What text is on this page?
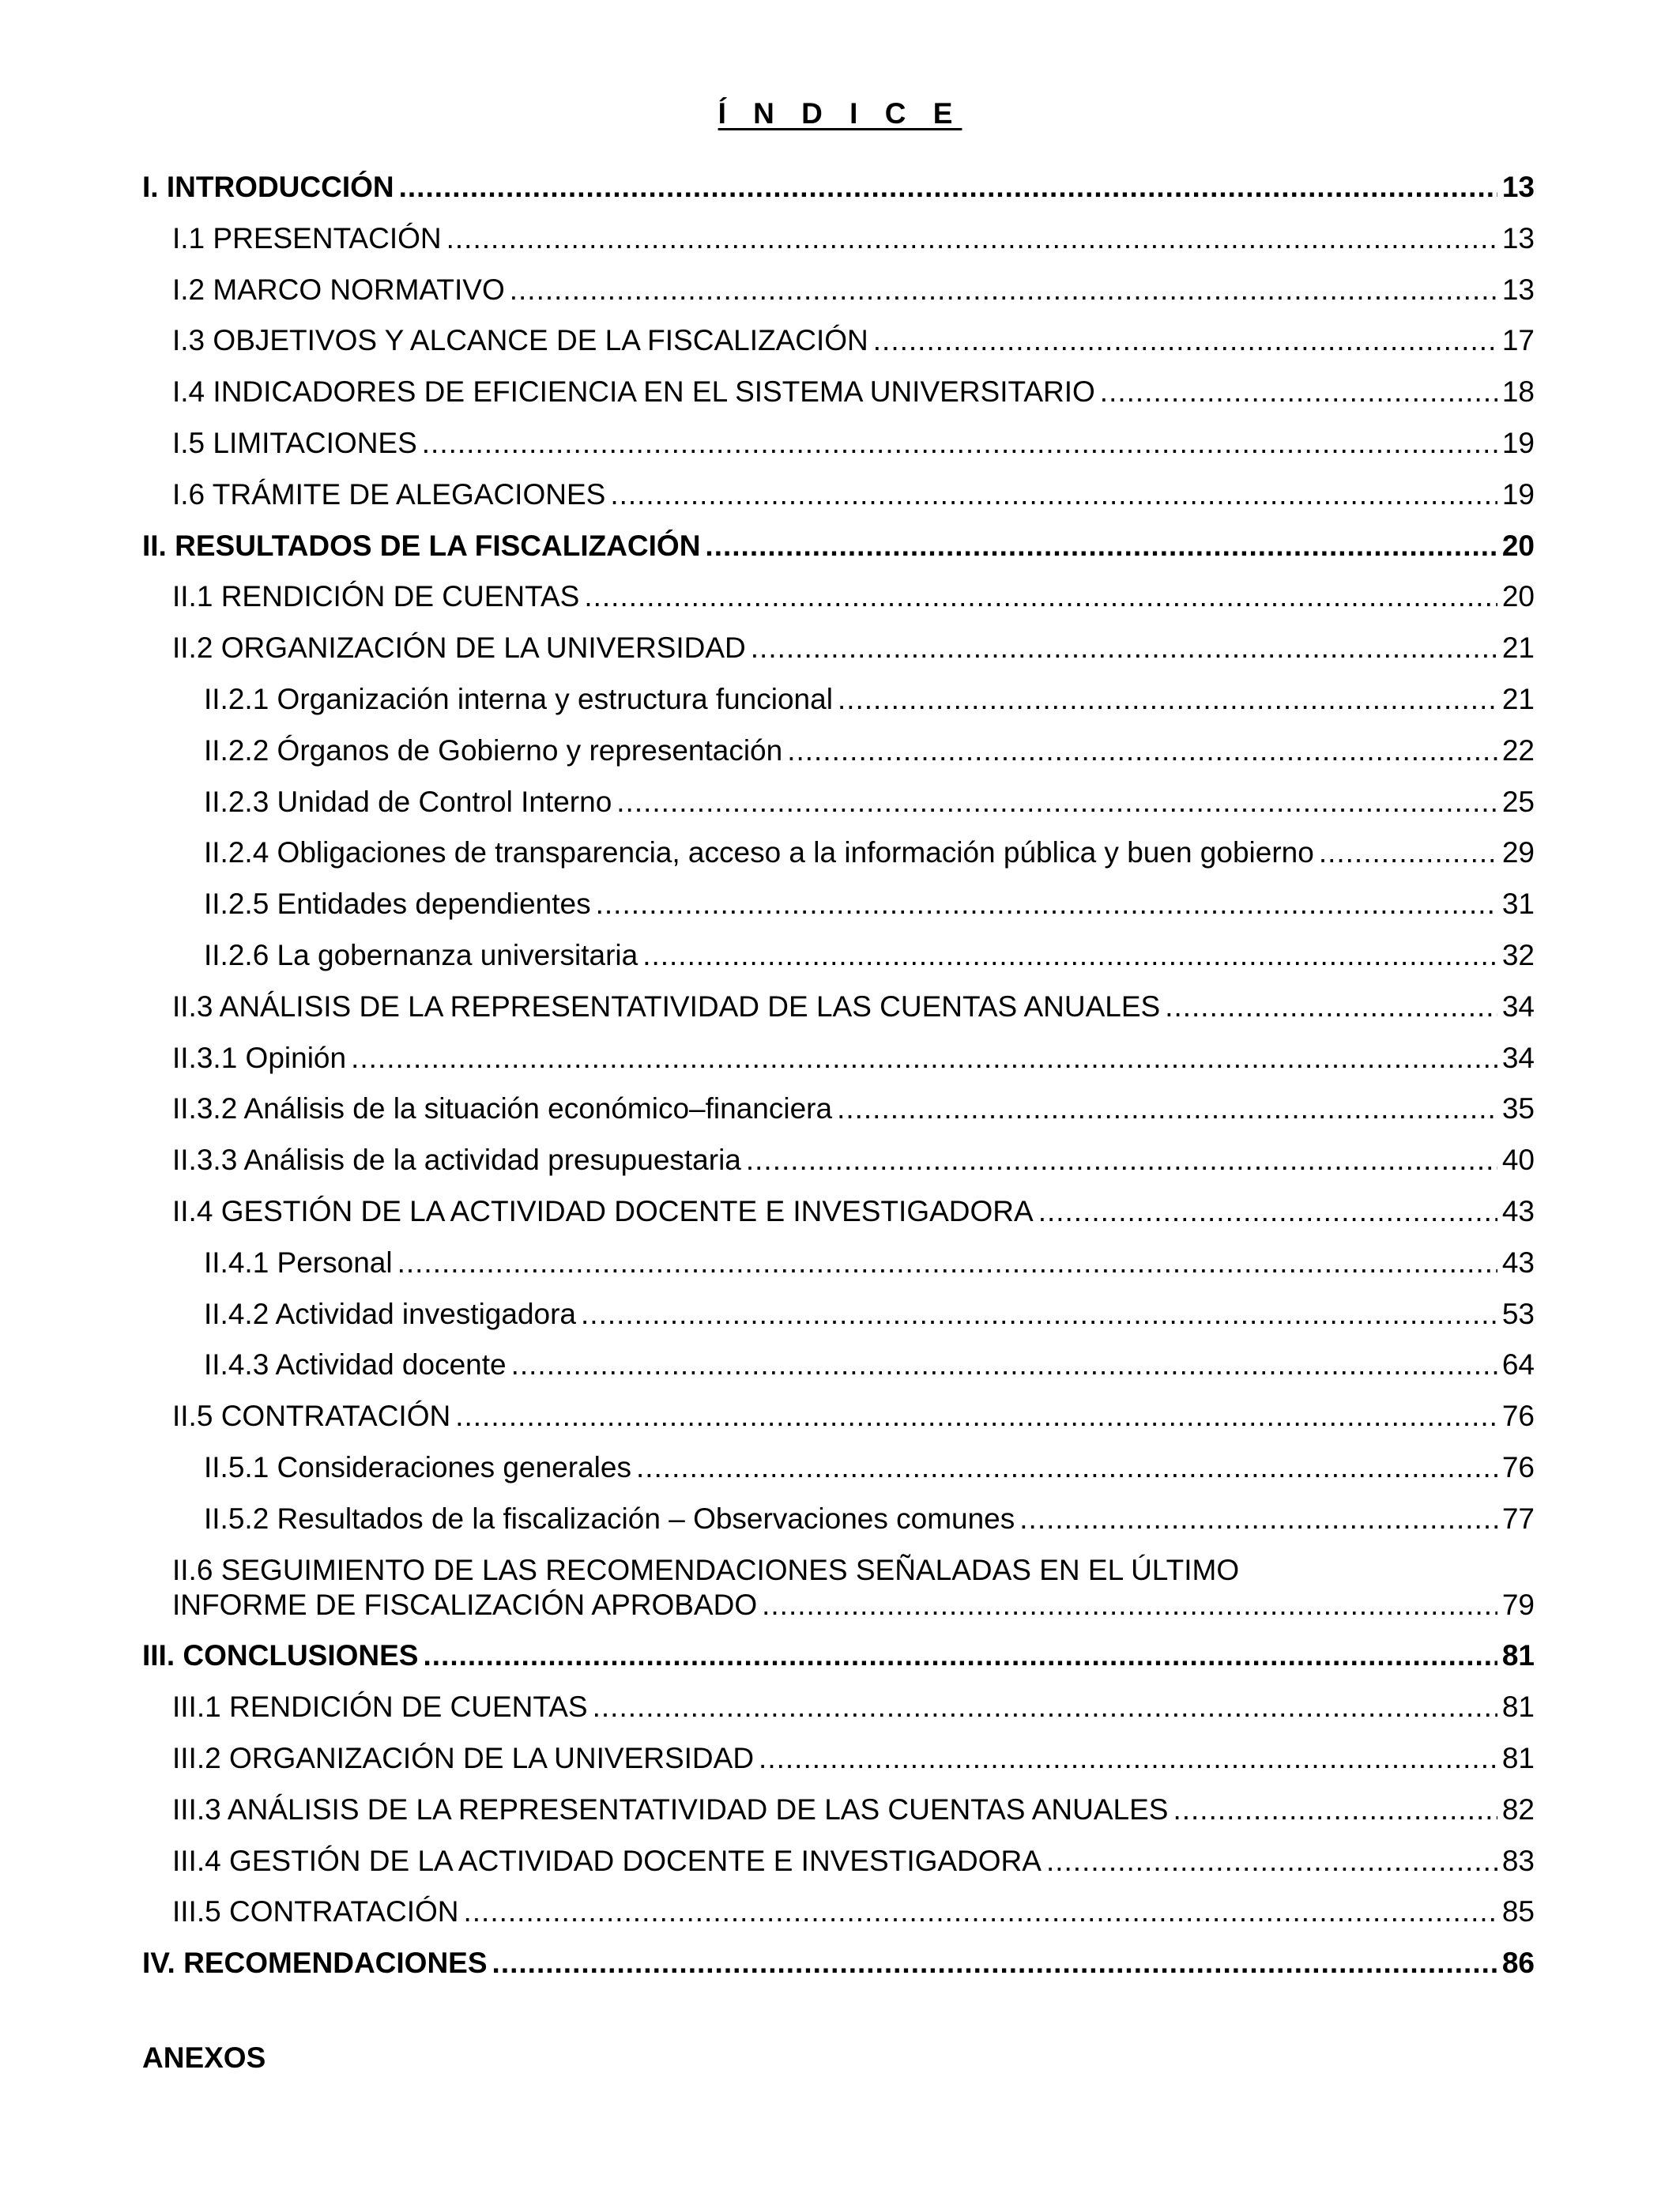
Í N D I C E
I. INTRODUCCIÓN .....	13
I.1 PRESENTACIÓN .....	13
I.2 MARCO NORMATIVO .....	13
I.3 OBJETIVOS Y ALCANCE DE LA FISCALIZACIÓN .....	17
I.4 INDICADORES DE EFICIENCIA EN EL SISTEMA UNIVERSITARIO .....	18
I.5 LIMITACIONES .....	19
I.6 TRÁMITE DE ALEGACIONES .....	19
II. RESULTADOS DE LA FISCALIZACIÓN .....	20
II.1 RENDICIÓN DE CUENTAS .....	20
II.2 ORGANIZACIÓN DE LA UNIVERSIDAD .....	21
II.2.1 Organización interna y estructura funcional .....	21
II.2.2 Órganos de Gobierno y representación .....	22
II.2.3 Unidad de Control Interno .....	25
II.2.4 Obligaciones de transparencia, acceso a la información pública y buen gobierno .....	29
II.2.5 Entidades dependientes .....	31
II.2.6 La gobernanza universitaria .....	32
II.3 ANÁLISIS DE LA REPRESENTATIVIDAD DE LAS CUENTAS ANUALES .....	34
II.3.1 Opinión .....	34
II.3.2 Análisis de la situación económico–financiera .....	35
II.3.3 Análisis de la actividad presupuestaria .....	40
II.4 GESTIÓN DE LA ACTIVIDAD DOCENTE E INVESTIGADORA .....	43
II.4.1 Personal .....	43
II.4.2 Actividad investigadora .....	53
II.4.3 Actividad docente .....	64
II.5 CONTRATACIÓN .....	76
II.5.1 Consideraciones generales .....	76
II.5.2 Resultados de la fiscalización – Observaciones comunes .....	77
II.6 SEGUIMIENTO DE LAS RECOMENDACIONES SEÑALADAS EN EL ÚLTIMO
INFORME DE FISCALIZACIÓN APROBADO .....	79
III. CONCLUSIONES .....	81
III.1 RENDICIÓN DE CUENTAS .....	81
III.2 ORGANIZACIÓN DE LA UNIVERSIDAD .....	81
III.3 ANÁLISIS DE LA REPRESENTATIVIDAD DE LAS CUENTAS ANUALES .....	82
III.4 GESTIÓN DE LA ACTIVIDAD DOCENTE E INVESTIGADORA .....	83
III.5 CONTRATACIÓN .....	85
IV. RECOMENDACIONES .....	86
ANEXOS
